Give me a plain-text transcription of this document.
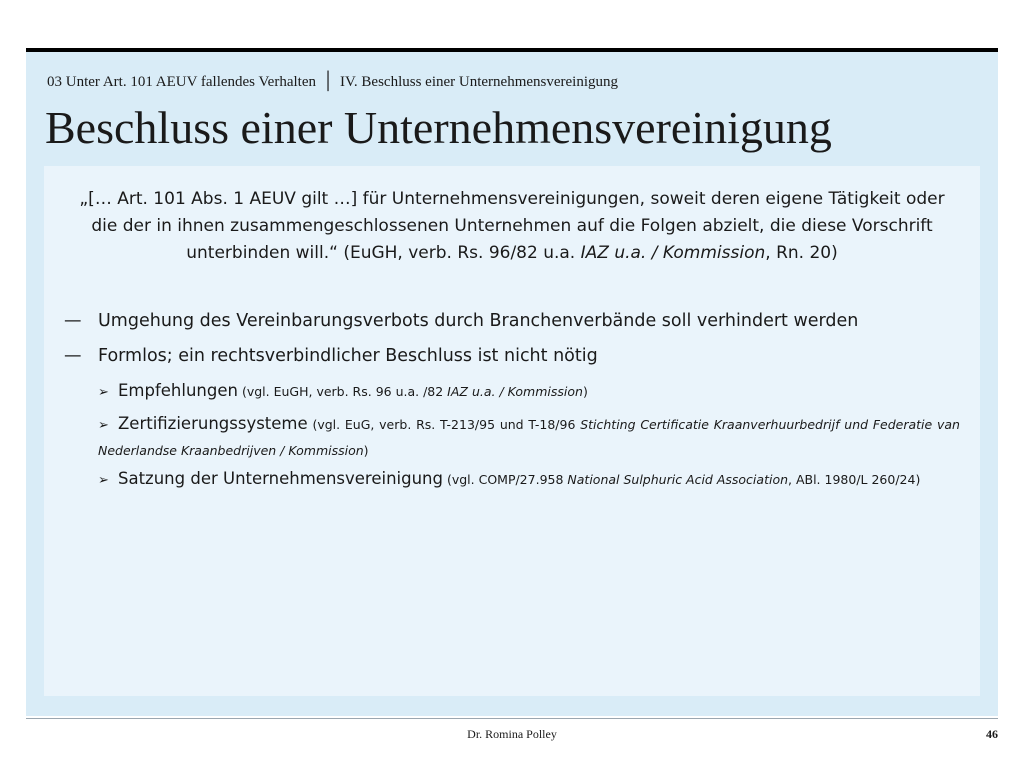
03 Unter Art. 101 AEUV fallendes Verhalten │ IV. Beschluss einer Unternehmensvereinigung
Beschluss einer Unternehmensvereinigung
„[… Art. 101 Abs. 1 AEUV gilt …] für Unternehmensvereinigungen, soweit deren eigene Tätigkeit oder die der in ihnen zusammengeschlossenen Unternehmen auf die Folgen abzielt, die diese Vorschrift unterbinden will.“ (EuGH, verb. Rs. 96/82 u.a. IAZ u.a. / Kommission, Rn. 20)
— Umgehung des Vereinbarungsverbots durch Branchenverbände soll verhindert werden
— Formlos; ein rechtsverbindlicher Beschluss ist nicht nötig
➢ Empfehlungen (vgl. EuGH, verb. Rs. 96 u.a. /82 IAZ u.a. / Kommission)
➢ Zertifizierungssysteme (vgl. EuG, verb. Rs. T-213/95 und T-18/96 Stichting Certificatie Kraanverhuurbedrijf und Federatie van Nederlandse Kraanbedrijven / Kommission)
➢ Satzung der Unternehmensvereinigung (vgl. COMP/27.958 National Sulphuric Acid Association, ABl. 1980/L 260/24)
Dr. Romina Polley	46
